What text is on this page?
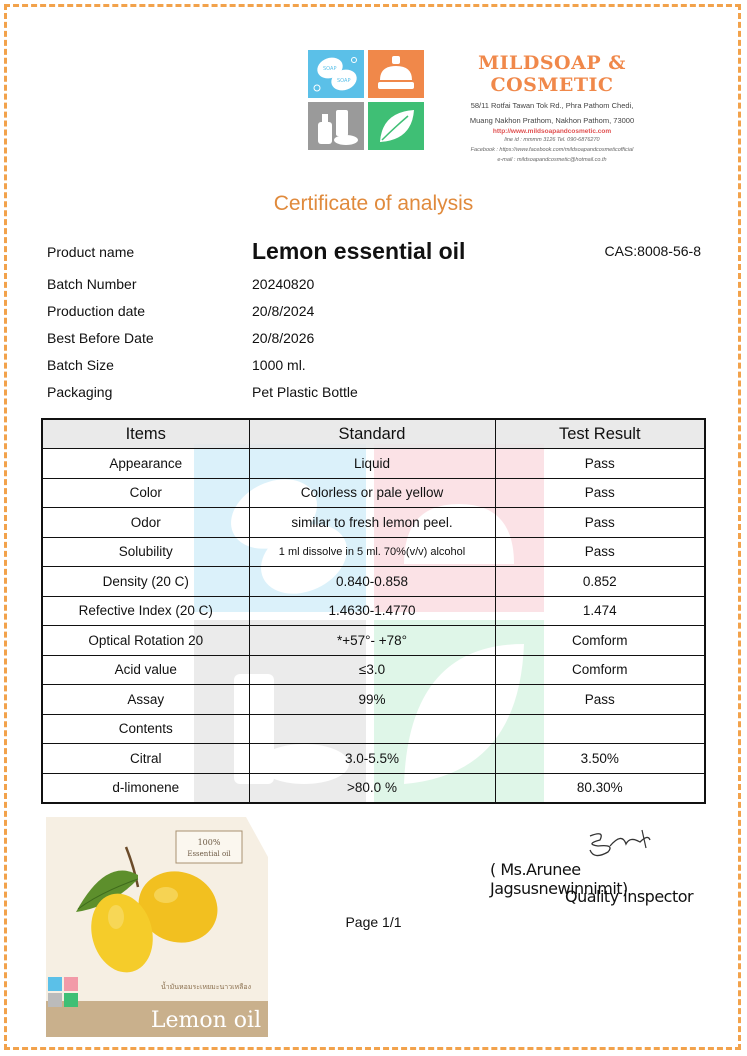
SOAP
SOAP
MILDSOAP & COSMETIC
58/11 Rotfai Tawan Tok Rd., Phra Pathom Chedi,
Muang Nakhon Prathom, Nakhon Pathom, 73000
http://www.mildsoapandcosmetic.com
line id : mmmm 3126 Tel. 090-6876270
Facebook : https://www.facebook.com/mildsoapandcosmeticofficial
e-mail : mildsoapandcosmetic@hotmail.co.th
Certificate of analysis
Product name	Lemon essential oil	CAS:8008-56-8
Batch Number	20240820
Production date	20/8/2024
Best Before Date	20/8/2026
Batch Size	1000 ml.
Packaging	Pet Plastic Bottle
Items	Standard	Test Result
Appearance	Liquid	Pass
Color	Colorless or pale yellow	Pass
Odor	similar to fresh lemon peel.	Pass
Solubility	1 ml dissolve in 5 ml. 70%(v/v) alcohol	Pass
Density (20 C)	0.840-0.858	0.852
Refective Index (20 C)	1.4630-1.4770	1.474
Optical Rotation 20	*+57°- +78°	Comform
Acid value	≤3.0	Comform
Assay	99%	Pass
Contents		
Citral	3.0-5.5%	3.50%
d-limonene	>80.0 %	80.30%
100%
Essential oil
น้ำมันหอมระเหยมะนาวเหลือง
Lemon oil
Page 1/1
( Ms.Arunee Jagsusnewinnimit)
Quality inspector
